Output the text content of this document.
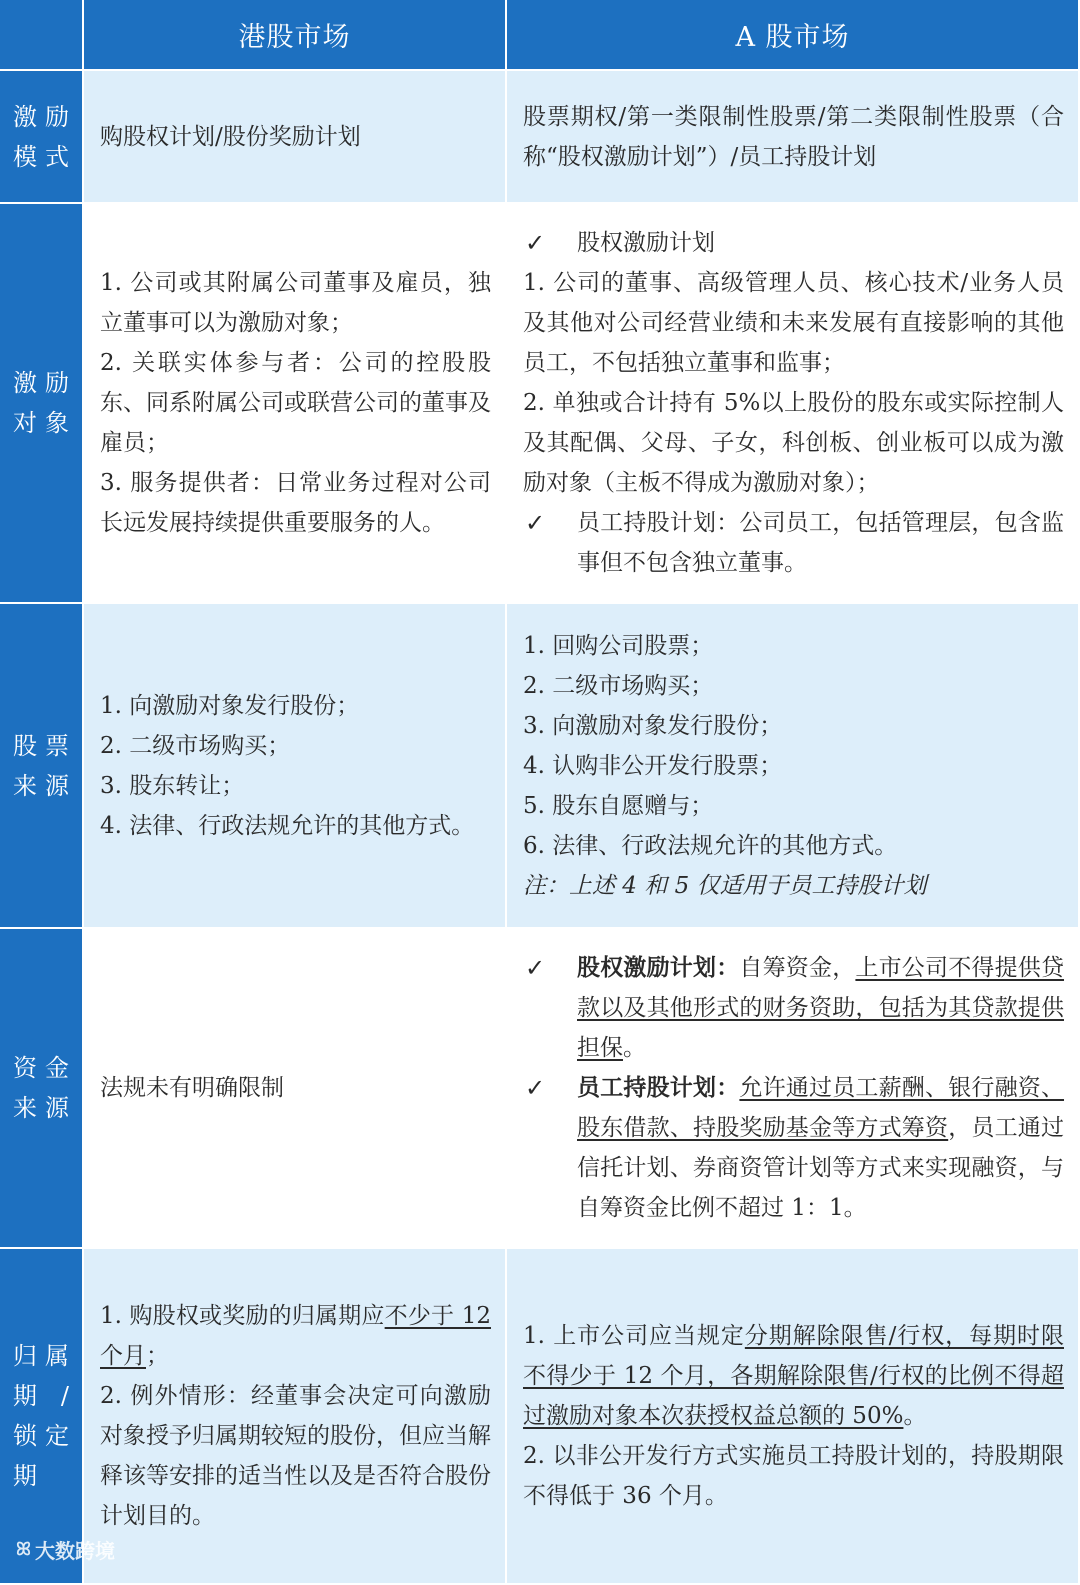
港股市场	A 股市场
激励模式
购股权计划/股份奖励计划
股票期权/第一类限制性股票/第二类限制性股票（合称“股权激励计划”）/员工持股计划
激励对象
1. 公司或其附属公司董事及雇员，独立董事可以为激励对象；
2. 关联实体参与者：公司的控股股东、同系附属公司或联营公司的董事及雇员；
3. 服务提供者：日常业务过程对公司长远发展持续提供重要服务的人。
✓ 股权激励计划
1. 公司的董事、高级管理人员、核心技术/业务人员及其他对公司经营业绩和未来发展有直接影响的其他员工，不包括独立董事和监事；
2. 单独或合计持有 5%以上股份的股东或实际控制人及其配偶、父母、子女，科创板、创业板可以成为激励对象（主板不得成为激励对象）；
✓ 员工持股计划：公司员工，包括管理层，包含监事但不包含独立董事。
股票来源
1. 向激励对象发行股份；
2. 二级市场购买；
3. 股东转让；
4. 法律、行政法规允许的其他方式。
1. 回购公司股票；
2. 二级市场购买；
3. 向激励对象发行股份；
4. 认购非公开发行股票；
5. 股东自愿赠与；
6. 法律、行政法规允许的其他方式。
注：上述 4 和 5 仅适用于员工持股计划
资金来源
法规未有明确限制
✓ 股权激励计划：自筹资金，上市公司不得提供贷款以及其他形式的财务资助，包括为其贷款提供担保。
✓ 员工持股计划：允许通过员工薪酬、银行融资、股东借款、持股奖励基金等方式筹资，员工通过信托计划、券商资管计划等方式来实现融资，与自筹资金比例不超过 1：1。
归属期/锁定期
1. 购股权或奖励的归属期应不少于 12 个月；
2. 例外情形：经董事会决定可向激励对象授予归属期较短的股份，但应当解释该等安排的适当性以及是否符合股份计划目的。
1. 上市公司应当规定分期解除限售/行权，每期时限不得少于 12 个月，各期解除限售/行权的比例不得超过激励对象本次获授权益总额的 50%。
2. 以非公开发行方式实施员工持股计划的，持股期限不得低于 36 个月。
ꕤ 大数跨境
